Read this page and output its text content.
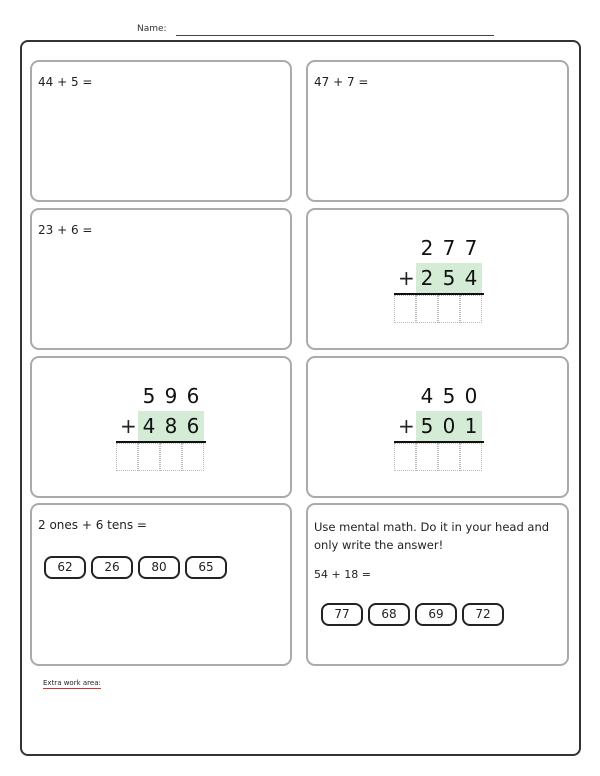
Name:
44 + 5 =	47 + 7 =
23 + 6 =
2 7 7
+ 2 5 4
5 9 6
+ 4 8 6
4 5 0
+ 5 0 1
2 ones + 6 tens =
62	26	80	65
Use mental math. Do it in your head and only write the answer!
54 + 18 =
77	68	69	72
Extra work area:
